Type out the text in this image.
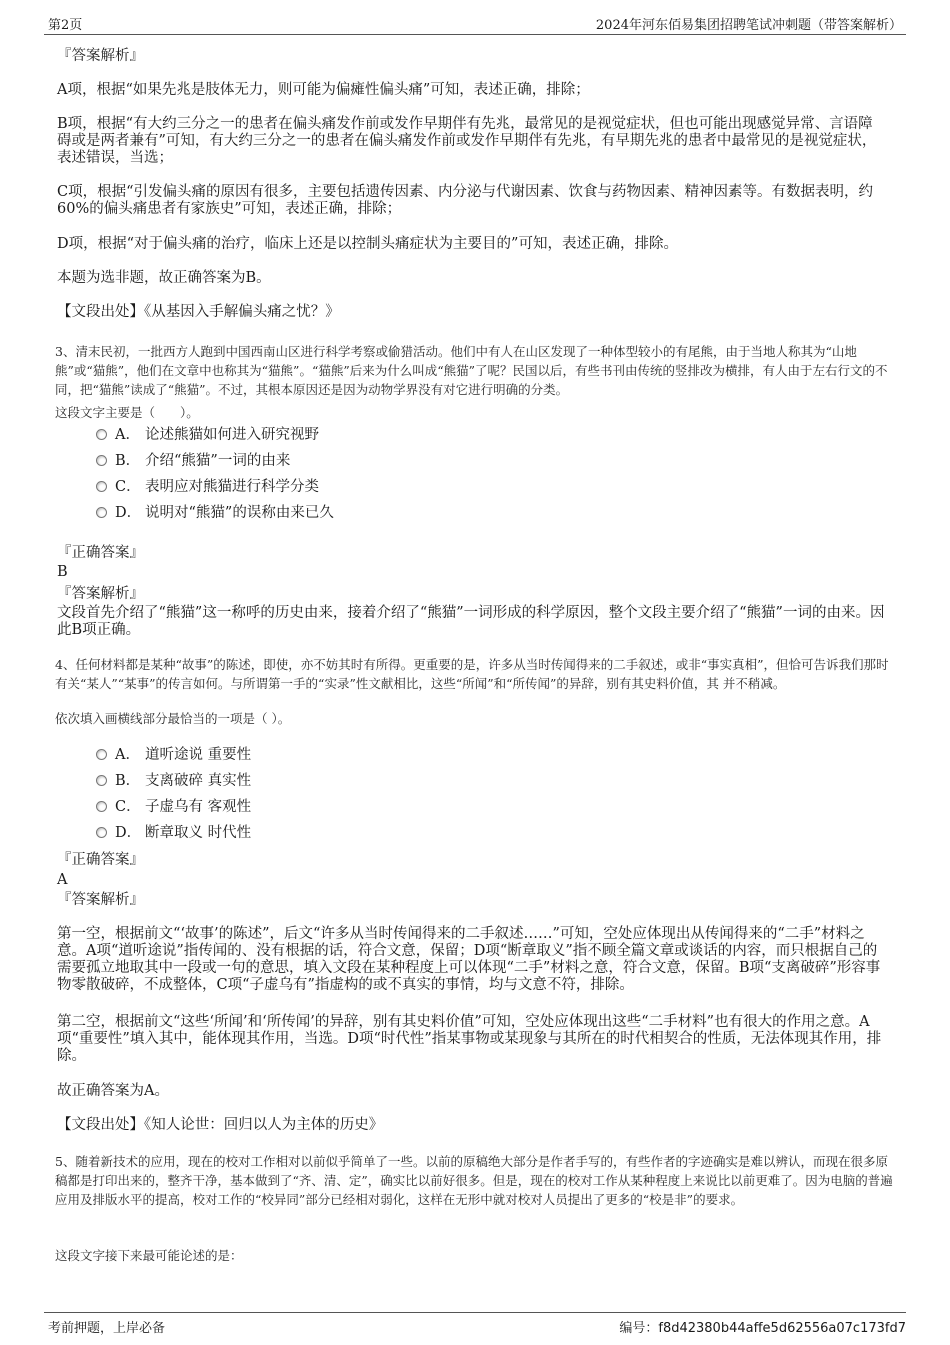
第2页	2024年河东佰易集团招聘笔试冲刺题（带答案解析）
『答案解析』

A项，根据“如果先兆是肢体无力，则可能为偏瘫性偏头痛”可知，表述正确，排除；

B项，根据“有大约三分之一的患者在偏头痛发作前或发作早期伴有先兆，最常见的是视觉症状，但也可能出现感觉异常、言语障碍或是两者兼有”可知，有大约三分之一的患者在偏头痛发作前或发作早期伴有先兆，有早期先兆的患者中最常见的是视觉症状，表述错误，当选；

C项，根据“引发偏头痛的原因有很多，主要包括遗传因素、内分泌与代谢因素、饮食与药物因素、精神因素等。有数据表明，约60%的偏头痛患者有家族史”可知，表述正确，排除；

D项，根据“对于偏头痛的治疗，临床上还是以控制头痛症状为主要目的”可知，表述正确，排除。

本题为选非题，故正确答案为B。

【文段出处】《从基因入手解偏头痛之忧？》

3、清末民初，一批西方人跑到中国西南山区进行科学考察或偷猎活动。他们中有人在山区发现了一种体型较小的有尾熊，由于当地人称其为“山地熊”或“猫熊”，他们在文章中也称其为“猫熊”。“猫熊”后来为什么叫成“熊猫”了呢？民国以后，有些书刊由传统的竖排改为横排，有人由于左右行文的不同，把“猫熊”读成了“熊猫”。不过，其根本原因还是因为动物学界没有对它进行明确的分类。
这段文字主要是（　　）。
A． 论述熊猫如何进入研究视野
B． 介绍“熊猫”一词的由来
C． 表明应对熊猫进行科学分类
D． 说明对“熊猫”的误称由来已久
『正确答案』
B
『答案解析』

文段首先介绍了“熊猫”这一称呼的历史由来，接着介绍了“熊猫”一词形成的科学原因，整个文段主要介绍了“熊猫”一词的由来。因此B项正确。

4、任何材料都是某种“故事”的陈述，即使，亦不妨其时有所得。更重要的是，许多从当时传闻得来的二手叙述，或非“事实真相”，但恰可告诉我们那时有关“某人”“某事”的传言如何。与所谓第一手的“实录”性文献相比，这些“所闻”和“所传闻”的异辞，别有其史料价值，其 并不稍减。
依次填入画横线部分最恰当的一项是（ ）。
A． 道听途说 重要性
B． 支离破碎 真实性
C． 子虚乌有 客观性
D． 断章取义 时代性
『正确答案』
A
『答案解析』

第一空，根据前文“‘故事’的陈述”，后文“许多从当时传闻得来的二手叙述……”可知，空处应体现出从传闻得来的“二手”材料之意。A项“道听途说”指传闻的、没有根据的话，符合文意，保留；D项“断章取义”指不顾全篇文章或谈话的内容，而只根据自己的需要孤立地取其中一段或一句的意思，填入文段在某种程度上可以体现“二手”材料之意，符合文意，保留。B项“支离破碎”形容事物零散破碎，不成整体，C项“子虚乌有”指虚构的或不真实的事情，均与文意不符，排除。

第二空，根据前文“这些‘所闻’和‘所传闻’的异辞，别有其史料价值”可知，空处应体现出这些“二手材料”也有很大的作用之意。A项“重要性”填入其中，能体现其作用，当选。D项“时代性”指某事物或某现象与其所在的时代相契合的性质，无法体现其作用，排除。

故正确答案为A。

【文段出处】《知人论世：回归以人为主体的历史》

5、随着新技术的应用，现在的校对工作相对以前似乎简单了一些。以前的原稿绝大部分是作者手写的，有些作者的字迹确实是难以辨认，而现在很多原稿都是打印出来的，整齐干净，基本做到了“齐、清、定”，确实比以前好很多。但是，现在的校对工作从某种程度上来说比以前更难了。因为电脑的普遍应用及排版水平的提高，校对工作的“校异同”部分已经相对弱化，这样在无形中就对校对人员提出了更多的“校是非”的要求。
这段文字接下来最可能论述的是：
考前押题，上岸必备	编号：f8d42380b44affe5d62556a07c173fd7
